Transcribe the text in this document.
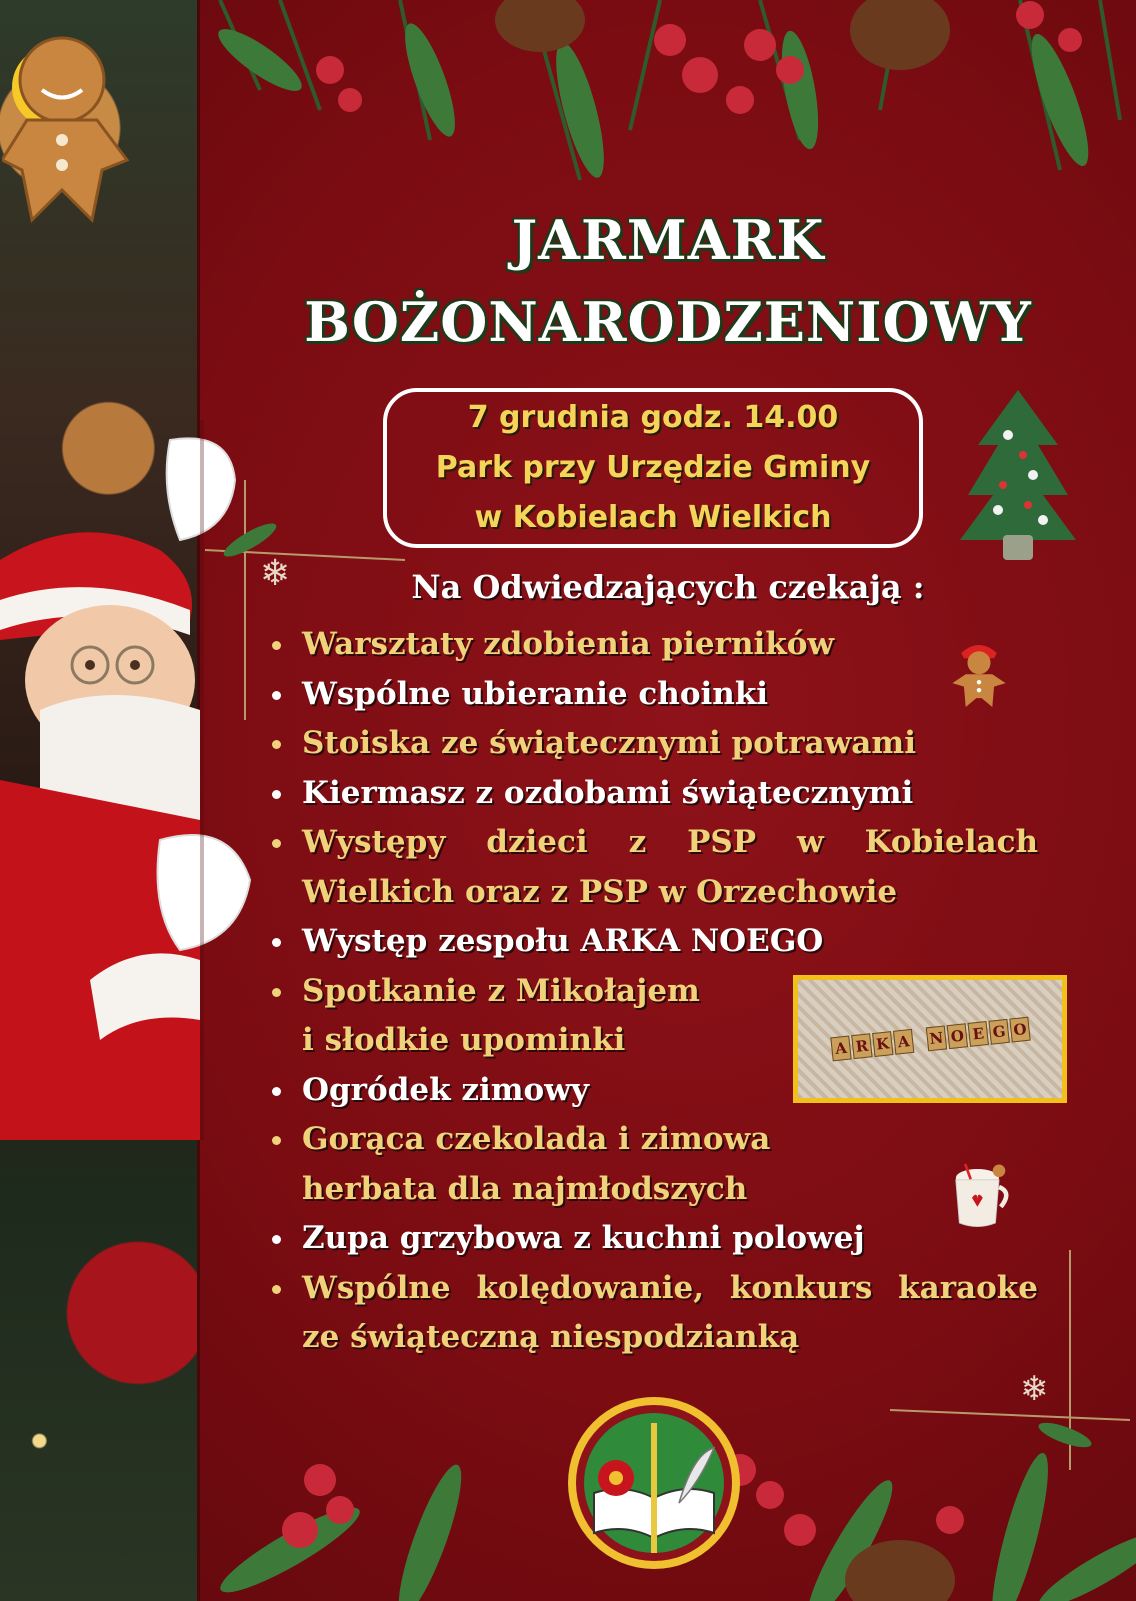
JARMARK
BOŻONARODZENIOWY
7 grudnia godz. 14.00
Park przy Urzędzie Gminy
w Kobielach Wielkich
❄	Na Odwiedzających czekają :
Warsztaty zdobienia pierników
Wspólne ubieranie choinki
Stoiska ze świątecznymi potrawami
Kiermasz z ozdobami świątecznymi
Występy dzieci z PSP w Kobielach Wielkich oraz z PSP w Orzechowie
Występ zespołu ARKA NOEGO
Spotkanie z Mikołajem i słodkie upominki
Ogródek zimowy
Gorąca czekolada i zimowa herbata dla najmłodszych
Zupa grzybowa z kuchni polowej
Wspólne kolędowanie, konkurs karaoke ze świąteczną niespodzianką
A R K A N O E G O
❄
